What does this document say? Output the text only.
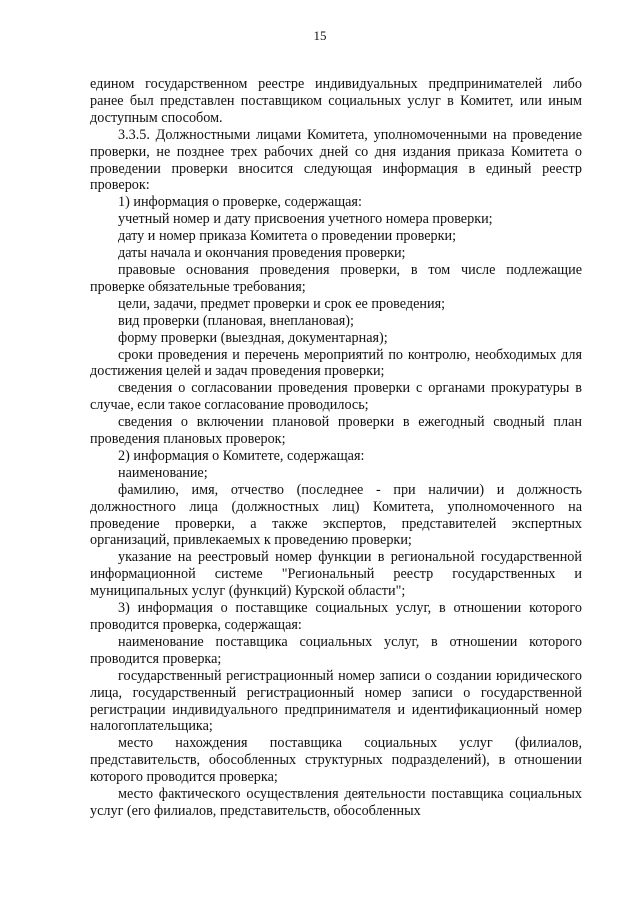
15

едином государственном реестре индивидуальных предпринимателей либо ранее был представлен поставщиком социальных услуг в Комитет, или иным доступным способом.

3.3.5. Должностными лицами Комитета, уполномоченными на проведение проверки, не позднее трех рабочих дней со дня издания приказа Комитета о проведении проверки вносится следующая информация в единый реестр проверок:

1) информация о проверке, содержащая:

учетный номер и дату присвоения учетного номера проверки;

дату и номер приказа Комитета о проведении проверки;

даты начала и окончания проведения проверки;

правовые основания проведения проверки, в том числе подлежащие проверке обязательные требования;

цели, задачи, предмет проверки и срок ее проведения;

вид проверки (плановая, внеплановая);

форму проверки (выездная, документарная);

сроки проведения и перечень мероприятий по контролю, необходимых для достижения целей и задач проведения проверки;

сведения о согласовании проведения проверки с органами прокуратуры в случае, если такое согласование проводилось;

сведения о включении плановой проверки в ежегодный сводный план проведения плановых проверок;

2) информация о Комитете, содержащая:

наименование;

фамилию, имя, отчество (последнее - при наличии) и должность должностного лица (должностных лиц) Комитета, уполномоченного на проведение проверки, а также экспертов, представителей экспертных организаций, привлекаемых к проведению проверки;

указание на реестровый номер функции в региональной государственной информационной системе "Региональный реестр государственных и муниципальных услуг (функций) Курской области";

3) информация о поставщике социальных услуг, в отношении которого проводится проверка, содержащая:

наименование поставщика социальных услуг, в отношении которого проводится проверка;

государственный регистрационный номер записи о создании юридического лица, государственный регистрационный номер записи о государственной регистрации индивидуального предпринимателя и идентификационный номер налогоплательщика;

место нахождения поставщика социальных услуг (филиалов, представительств, обособленных структурных подразделений), в отношении которого проводится проверка;

место фактического осуществления деятельности поставщика социальных услуг (его филиалов, представительств, обособленных
